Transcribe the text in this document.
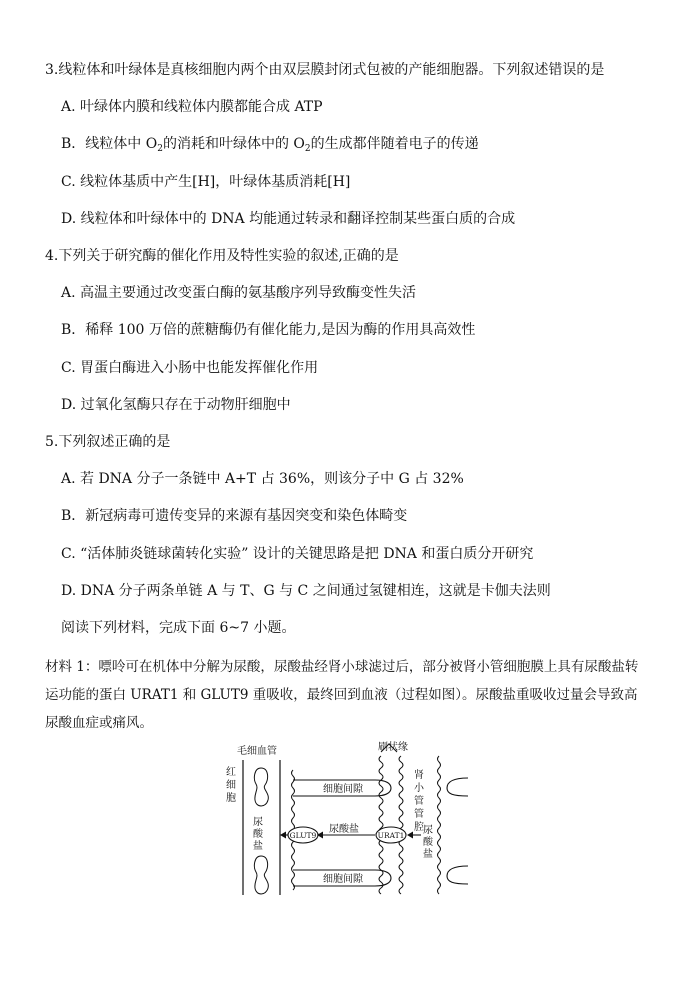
3.线粒体和叶绿体是真核细胞内两个由双层膜封闭式包被的产能细胞器。下列叙述错误的是
A. 叶绿体内膜和线粒体内膜都能合成 ATP
B．线粒体中 $O_2$的消耗和叶绿体中的 $O_2$的生成都伴随着电子的传递
C. 线粒体基质中产生[H]，叶绿体基质消耗[H]
D. 线粒体和叶绿体中的 DNA 均能通过转录和翻译控制某些蛋白质的合成
4.下列关于研究酶的催化作用及特性实验的叙述,正确的是
A. 高温主要通过改变蛋白酶的氨基酸序列导致酶变性失活
B．稀释 100 万倍的蔗糖酶仍有催化能力,是因为酶的作用具高效性
C. 胃蛋白酶进入小肠中也能发挥催化作用
D. 过氧化氢酶只存在于动物肝细胞中
5.下列叙述正确的是
A. 若 DNA 分子一条链中 A+T 占 36%，则该分子中 G 占 32%
B．新冠病毒可遗传变异的来源有基因突变和染色体畸变
C. “活体肺炎链球菌转化实验” 设计的关键思路是把 DNA 和蛋白质分开研究
D. DNA 分子两条单链 A 与 T、G 与 C 之间通过氢键相连，这就是卡伽夫法则
阅读下列材料，完成下面 6~7 小题。
材料 1：嘌呤可在机体中分解为尿酸，尿酸盐经肾小球滤过后，部分被肾小管细胞膜上具有尿酸盐转运功能的蛋白 URAT1 和 GLUT9 重吸收，最终回到血液（过程如图）。尿酸盐重吸收过量会导致高尿酸血症或痛风。
毛细血管
红
细
胞
尿
酸
盐
细胞间隙
细胞间隙
刷状缘
肾
小
管
管
腔 尿
酸
盐
GLUT9	URAT1
尿酸盐
